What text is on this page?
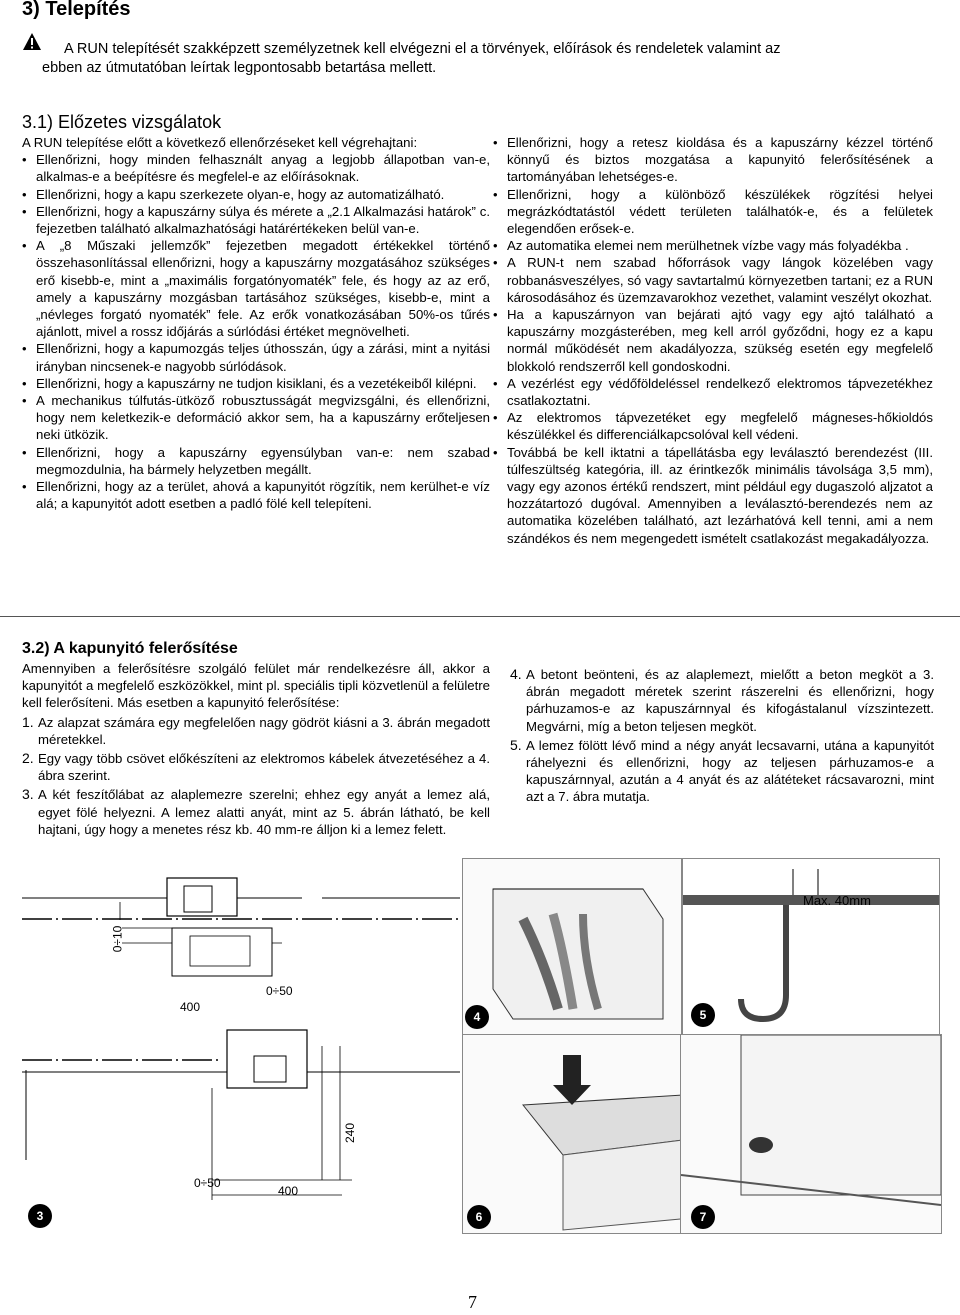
3) Telepítés
A RUN telepítését szakképzett személyzetnek kell elvégezni el a törvények, előírások és rendeletek valamint az
ebben az útmutatóban leírtak legpontosabb betartása mellett.
3.1) Előzetes vizsgálatok

A RUN telepítése előtt a következő ellenőrzéseket kell végrehajtani:

• Ellenőrizni, hogy minden felhasznált anyag a legjobb állapotban van-e, alkalmas-e a beépítésre és megfelel-e az előírásoknak.
• Ellenőrizni, hogy a kapu szerkezete olyan-e, hogy az automatizálható.
• Ellenőrizni, hogy a kapuszárny súlya és mérete a „2.1 Alkalmazási határok” c. fejezetben található alkalmazhatósági határértékeken belül van-e.
• A „8 Műszaki jellemzők” fejezetben megadott értékekkel történő összehasonlítással ellenőrizni, hogy a kapuszárny mozgatásához szükséges erő kisebb-e, mint a „maximális forgatónyomaték” fele, és hogy az az erő, amely a kapuszárny mozgásban tartásához szükséges, kisebb-e, mint a „névleges forgató nyomaték” fele. Az erők vonatkozásában 50%-os tűrés ajánlott, mivel a rossz időjárás a súrlódási értéket megnövelheti.
• Ellenőrizni, hogy a kapumozgás teljes úthosszán, úgy a zárási, mint a nyitási irányban nincsenek-e nagyobb súrlódások.
• Ellenőrizni, hogy a kapuszárny ne tudjon kisiklani, és a vezetékeiből kilépni.
• A mechanikus túlfutás-ütköző robusztusságát megvizsgálni, és ellenőrizni, hogy nem keletkezik-e deformáció akkor sem, ha a kapuszárny erőteljesen neki ütközik.
• Ellenőrizni, hogy a kapuszárny egyensúlyban van-e: nem szabad megmozdulnia, ha bármely helyzetben megállt.
• Ellenőrizni, hogy az a terület, ahová a kapunyitót rögzítik, nem kerülhet-e víz alá; a kapunyitót adott esetben a padló fölé kell telepíteni.
• Ellenőrizni, hogy a retesz kioldása és a kapuszárny kézzel történő könnyű és biztos mozgatása a kapunyitó felerősítésének a tartományában lehetséges-e.
• Ellenőrizni, hogy a különböző készülékek rögzítési helyei megrázkódtatástól védett területen találhatók-e, és a felületek elegendően erősek-e.
• Az automatika elemei nem merülhetnek vízbe vagy más folyadékba .
• A RUN-t nem szabad hőforrások vagy lángok közelében vagy robbanásveszélyes, só vagy savtartalmú környezetben tartani; ez a RUN károsodásához és üzemzavarokhoz vezethet, valamint veszélyt okozhat.
• Ha a kapuszárnyon van bejárati ajtó vagy egy ajtó található a kapuszárny mozgásterében, meg kell arról győződni, hogy ez a kapu normál működését nem akadályozza, szükség esetén egy megfelelő blokkoló rendszerről kell gondoskodni.
• A vezérlést egy védőföldeléssel rendelkező elektromos tápvezetékhez csatlakoztatni.
• Az elektromos tápvezetéket egy megfelelő mágneses-hőkioldós készülékkel és differenciálkapcsolóval kell védeni.
• Továbbá be kell iktatni a tápellátásba egy leválasztó berendezést (III. túlfeszültség kategória, ill. az érintkezők minimális távolsága 3,5 mm), vagy egy azonos értékű rendszert, mint például egy dugaszoló aljzatot a hozzátartozó dugóval. Amennyiben a leválasztó-berendezés nem az automatika közelében található, azt lezárhatóvá kell tenni, ami a nem szándékos és nem megengedett ismételt csatlakozást megakadályozza.
3.2) A kapunyitó felerősítése

Amennyiben a felerősítésre szolgáló felület már rendelkezésre áll, akkor a kapunyitót a megfelelő eszközökkel, mint pl. speciális tipli közvetlenül a felületre kell felerősíteni. Más esetben a kapunyitó felerősítése:

1. Az alapzat számára egy megfelelően nagy gödröt kiásni a 3. ábrán megadott méretekkel.
2. Egy vagy több csövet előkészíteni az elektromos kábelek átvezetéséhez a 4. ábra szerint.
3. A két feszítőlábat az alaplemezre szerelni; ehhez egy anyát a lemez alá, egyet fölé helyezni. A lemez alatti anyát, mint az 5. ábrán látható, be kell hajtani, úgy hogy a menetes rész kb. 40 mm-re álljon ki a lemez felett.
4. A betont beönteni, és az alaplemezt, mielőtt a beton megköt a 3. ábrán megadott méretek szerint rászerelni és ellenőrizni, hogy párhuzamos-e az kapuszárnnyal és kifogástalanul vízszintezett. Megvárni, míg a beton teljesen megköt.
5. A lemez fölött lévő mind a négy anyát lecsavarni, utána a kapunyitót ráhelyezni és ellenőrizni, hogy az teljesen párhuzamos-e a kapuszárnnyal, azután a 4 anyát és az alátéteket rácsavarozni, mint azt a 7. ábra mutatja.
0÷10
400
0÷50
240
0÷50
400
3
4
Max. 40mm
5
6	7
7
